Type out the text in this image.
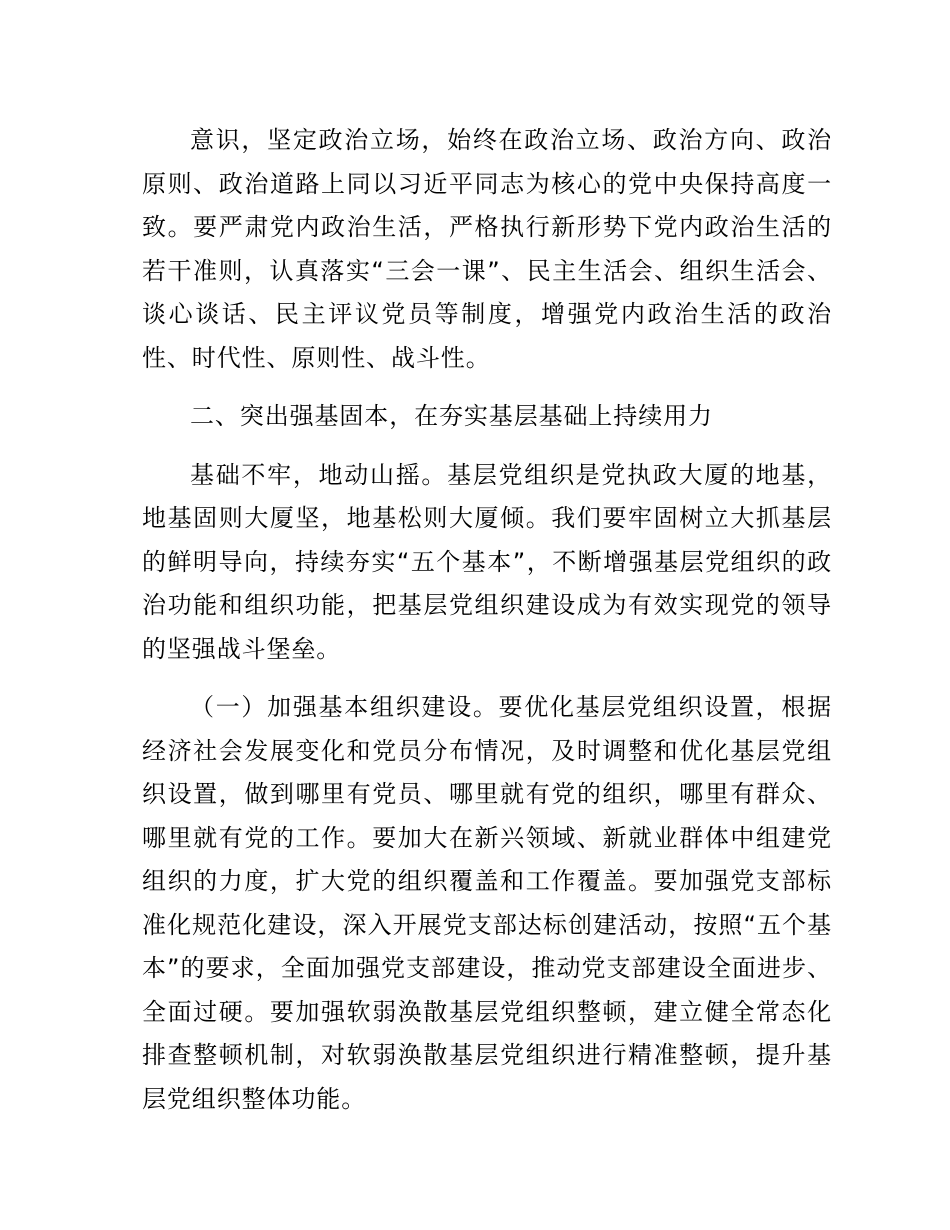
意识，坚定政治立场，始终在政治立场、政治方向、政治原则、政治道路上同以习近平同志为核心的党中央保持高度一致。要严肃党内政治生活，严格执行新形势下党内政治生活的若干准则，认真落实“三会一课”、民主生活会、组织生活会、谈心谈话、民主评议党员等制度，增强党内政治生活的政治性、时代性、原则性、战斗性。

二、突出强基固本，在夯实基层基础上持续用力

基础不牢，地动山摇。基层党组织是党执政大厦的地基，地基固则大厦坚，地基松则大厦倾。我们要牢固树立大抓基层的鲜明导向，持续夯实“五个基本”，不断增强基层党组织的政治功能和组织功能，把基层党组织建设成为有效实现党的领导的坚强战斗堡垒。

（一）加强基本组织建设。要优化基层党组织设置，根据经济社会发展变化和党员分布情况，及时调整和优化基层党组织设置，做到哪里有党员、哪里就有党的组织，哪里有群众、哪里就有党的工作。要加大在新兴领域、新就业群体中组建党组织的力度，扩大党的组织覆盖和工作覆盖。要加强党支部标准化规范化建设，深入开展党支部达标创建活动，按照“五个基本”的要求，全面加强党支部建设，推动党支部建设全面进步、全面过硬。要加强软弱涣散基层党组织整顿，建立健全常态化排查整顿机制，对软弱涣散基层党组织进行精准整顿，提升基层党组织整体功能。
